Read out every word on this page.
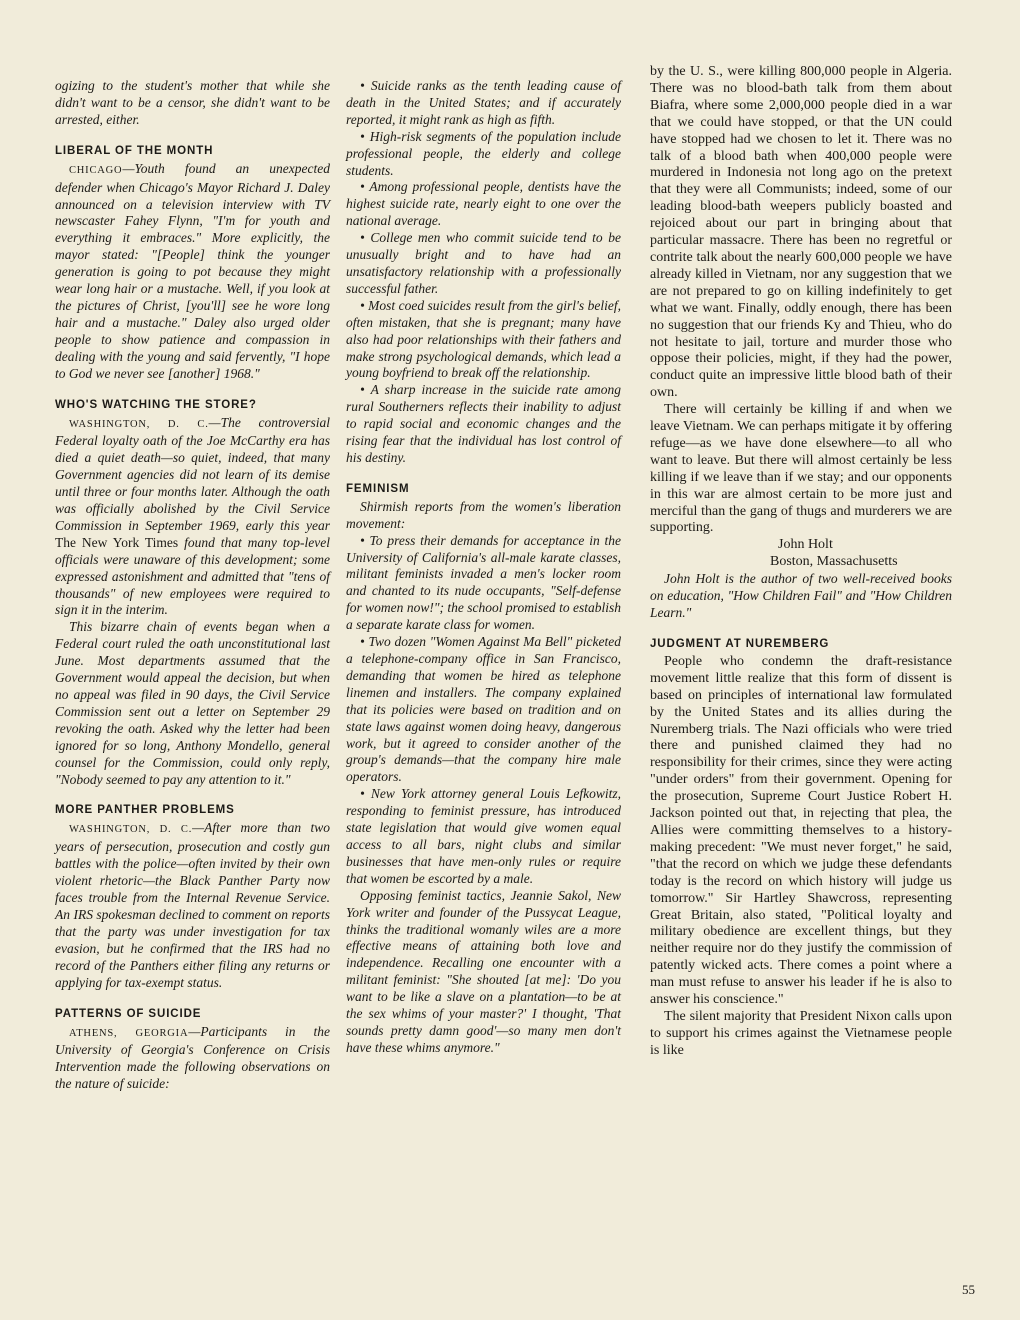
ogizing to the student's mother that while she didn't want to be a censor, she didn't want to be arrested, either.

LIBERAL OF THE MONTH

CHICAGO—Youth found an unexpected defender when Chicago's Mayor Richard J. Daley announced on a television interview with TV newscaster Fahey Flynn, "I'm for youth and everything it embraces." More explicitly, the mayor stated: "[People] think the younger generation is going to pot because they might wear long hair or a mustache. Well, if you look at the pictures of Christ, [you'll] see he wore long hair and a mustache." Daley also urged older people to show patience and compassion in dealing with the young and said fervently, "I hope to God we never see [another] 1968."

WHO'S WATCHING THE STORE?

WASHINGTON, D. C.—The controversial Federal loyalty oath of the Joe McCarthy era has died a quiet death—so quiet, indeed, that many Government agencies did not learn of its demise until three or four months later. Although the oath was officially abolished by the Civil Service Commission in September 1969, early this year The New York Times found that many top-level officials were unaware of this development; some expressed astonishment and admitted that "tens of thousands" of new employees were required to sign it in the interim.

This bizarre chain of events began when a Federal court ruled the oath unconstitutional last June. Most departments assumed that the Government would appeal the decision, but when no appeal was filed in 90 days, the Civil Service Commission sent out a letter on September 29 revoking the oath. Asked why the letter had been ignored for so long, Anthony Mondello, general counsel for the Commission, could only reply, "Nobody seemed to pay any attention to it."

MORE PANTHER PROBLEMS

WASHINGTON, D. C.—After more than two years of persecution, prosecution and costly gun battles with the police—often invited by their own violent rhetoric—the Black Panther Party now faces trouble from the Internal Revenue Service. An IRS spokesman declined to comment on reports that the party was under investigation for tax evasion, but he confirmed that the IRS had no record of the Panthers either filing any returns or applying for tax-exempt status.

PATTERNS OF SUICIDE

ATHENS, GEORGIA—Participants in the University of Georgia's Conference on Crisis Intervention made the following observations on the nature of suicide:

• Suicide ranks as the tenth leading cause of death in the United States; and if accurately reported, it might rank as high as fifth.

• High-risk segments of the population include professional people, the elderly and college students.

• Among professional people, dentists have the highest suicide rate, nearly eight to one over the national average.

• College men who commit suicide tend to be unusually bright and to have had an unsatisfactory relationship with a professionally successful father.

• Most coed suicides result from the girl's belief, often mistaken, that she is pregnant; many have also had poor relationships with their fathers and make strong psychological demands, which lead a young boyfriend to break off the relationship.

• A sharp increase in the suicide rate among rural Southerners reflects their inability to adjust to rapid social and economic changes and the rising fear that the individual has lost control of his destiny.

FEMINISM

Shirmish reports from the women's liberation movement:

• To press their demands for acceptance in the University of California's all-male karate classes, militant feminists invaded a men's locker room and chanted to its nude occupants, "Self-defense for women now!"; the school promised to establish a separate karate class for women.

• Two dozen "Women Against Ma Bell" picketed a telephone-company office in San Francisco, demanding that women be hired as telephone linemen and installers. The company explained that its policies were based on tradition and on state laws against women doing heavy, dangerous work, but it agreed to consider another of the group's demands—that the company hire male operators.

• New York attorney general Louis Lefkowitz, responding to feminist pressure, has introduced state legislation that would give women equal access to all bars, night clubs and similar businesses that have men-only rules or require that women be escorted by a male.

Opposing feminist tactics, Jeannie Sakol, New York writer and founder of the Pussycat League, thinks the traditional womanly wiles are a more effective means of attaining both love and independence. Recalling one encounter with a militant feminist: "She shouted [at me]: 'Do you want to be like a slave on a plantation—to be at the sex whims of your master?' I thought, 'That sounds pretty damn good'—so many men don't have these whims anymore."

by the U. S., were killing 800,000 people in Algeria. There was no blood-bath talk from them about Biafra, where some 2,000,000 people died in a war that we could have stopped, or that the UN could have stopped had we chosen to let it. There was no talk of a blood bath when 400,000 people were murdered in Indonesia not long ago on the pretext that they were all Communists; indeed, some of our leading blood-bath weepers publicly boasted and rejoiced about our part in bringing about that particular massacre. There has been no regretful or contrite talk about the nearly 600,000 people we have already killed in Vietnam, nor any suggestion that we are not prepared to go on killing indefinitely to get what we want. Finally, oddly enough, there has been no suggestion that our friends Ky and Thieu, who do not hesitate to jail, torture and murder those who oppose their policies, might, if they had the power, conduct quite an impressive little blood bath of their own.

There will certainly be killing if and when we leave Vietnam. We can perhaps mitigate it by offering refuge—as we have done elsewhere—to all who want to leave. But there will almost certainly be less killing if we leave than if we stay; and our opponents in this war are almost certain to be more just and merciful than the gang of thugs and murderers we are supporting.

John Holt

Boston, Massachusetts

John Holt is the author of two well-received books on education, "How Children Fail" and "How Children Learn."

JUDGMENT AT NUREMBERG

People who condemn the draft-resistance movement little realize that this form of dissent is based on principles of international law formulated by the United States and its allies during the Nuremberg trials. The Nazi officials who were tried there and punished claimed they had no responsibility for their crimes, since they were acting "under orders" from their government. Opening for the prosecution, Supreme Court Justice Robert H. Jackson pointed out that, in rejecting that plea, the Allies were committing themselves to a history-making precedent: "We must never forget," he said, "that the record on which we judge these defendants today is the record on which history will judge us tomorrow." Sir Hartley Shawcross, representing Great Britain, also stated, "Political loyalty and military obedience are excellent things, but they neither require nor do they justify the commission of patently wicked acts. There comes a point where a man must refuse to answer his leader if he is also to answer his conscience."

The silent majority that President Nixon calls upon to support his crimes against the Vietnamese people is like

55
